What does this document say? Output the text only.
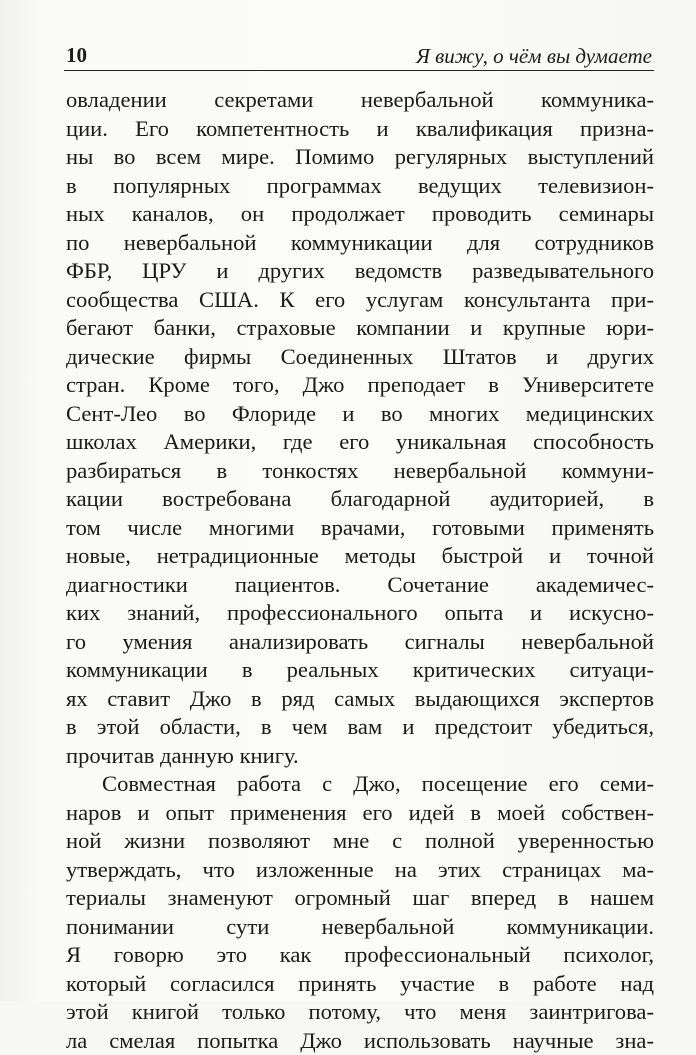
10	Я вижу, о чём вы думаете
овладении секретами невербальной коммуника-
ции. Его компетентность и квалификация призна-
ны во всем мире. Помимо регулярных выступлений
в популярных программах ведущих телевизион-
ных каналов, он продолжает проводить семинары
по невербальной коммуникации для сотрудников
ФБР, ЦРУ и других ведомств разведывательного
сообщества США. К его услугам консультанта при-
бегают банки, страховые компании и крупные юри-
дические фирмы Соединенных Штатов и других
стран. Кроме того, Джо преподает в Университете
Сент-Лео во Флориде и во многих медицинских
школах Америки, где его уникальная способность
разбираться в тонкостях невербальной коммуни-
кации востребована благодарной аудиторией, в
том числе многими врачами, готовыми применять
новые, нетрадиционные методы быстрой и точной
диагностики пациентов. Сочетание академичес-
ких знаний, профессионального опыта и искусно-
го умения анализировать сигналы невербальной
коммуникации в реальных критических ситуаци-
ях ставит Джо в ряд самых выдающихся экспертов
в этой области, в чем вам и предстоит убедиться,
прочитав данную книгу.
Совместная работа с Джо, посещение его семи-
наров и опыт применения его идей в моей собствен-
ной жизни позволяют мне с полной уверенностью
утверждать, что изложенные на этих страницах ма-
териалы знаменуют огромный шаг вперед в нашем
понимании сути невербальной коммуникации.
Я говорю это как профессиональный психолог,
который согласился принять участие в работе над
этой книгой только потому, что меня заинтригова-
ла смелая попытка Джо использовать научные зна-
